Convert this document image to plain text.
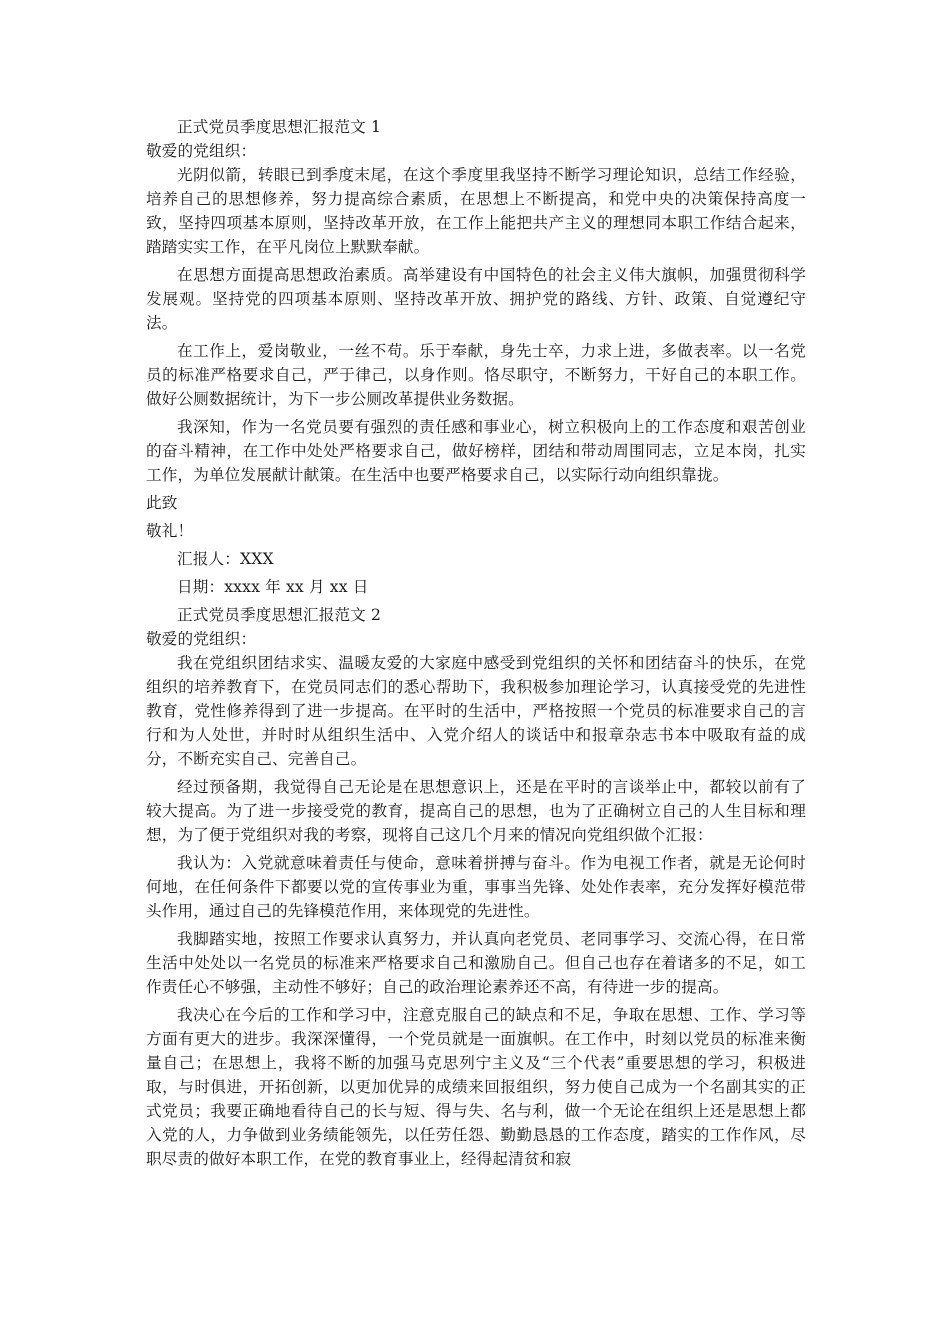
正式党员季度思想汇报范文 1

敬爱的党组织：

光阴似箭，转眼已到季度末尾，在这个季度里我坚持不断学习理论知识，总结工作经验，培养自己的思想修养，努力提高综合素质，在思想上不断提高，和党中央的决策保持高度一致，坚持四项基本原则，坚持改革开放，在工作上能把共产主义的理想同本职工作结合起来，踏踏实实工作，在平凡岗位上默默奉献。

在思想方面提高思想政治素质。高举建设有中国特色的社会主义伟大旗帜，加强贯彻科学发展观。坚持党的四项基本原则、坚持改革开放、拥护党的路线、方针、政策、自觉遵纪守法。

在工作上，爱岗敬业，一丝不苟。乐于奉献，身先士卒，力求上进，多做表率。以一名党员的标准严格要求自己，严于律己，以身作则。恪尽职守，不断努力，干好自己的本职工作。做好公厕数据统计，为下一步公厕改革提供业务数据。

我深知，作为一名党员要有强烈的责任感和事业心，树立积极向上的工作态度和艰苦创业的奋斗精神，在工作中处处严格要求自己，做好榜样，团结和带动周围同志，立足本岗，扎实工作，为单位发展献计献策。在生活中也要严格要求自己，以实际行动向组织靠拢。

此致

敬礼！

汇报人：XXX

日期：xxxx 年 xx 月 xx 日

正式党员季度思想汇报范文 2

敬爱的党组织：

我在党组织团结求实、温暖友爱的大家庭中感受到党组织的关怀和团结奋斗的快乐，在党组织的培养教育下，在党员同志们的悉心帮助下，我积极参加理论学习，认真接受党的先进性教育，党性修养得到了进一步提高。在平时的生活中，严格按照一个党员的标准要求自己的言行和为人处世，并时时从组织生活中、入党介绍人的谈话中和报章杂志书本中吸取有益的成分，不断充实自己、完善自己。

经过预备期，我觉得自己无论是在思想意识上，还是在平时的言谈举止中，都较以前有了较大提高。为了进一步接受党的教育，提高自己的思想，也为了正确树立自己的人生目标和理想，为了便于党组织对我的考察，现将自己这几个月来的情况向党组织做个汇报：

我认为：入党就意味着责任与使命，意味着拼搏与奋斗。作为电视工作者，就是无论何时何地，在任何条件下都要以党的宣传事业为重，事事当先锋、处处作表率，充分发挥好模范带头作用，通过自己的先锋模范作用，来体现党的先进性。

我脚踏实地，按照工作要求认真努力，并认真向老党员、老同事学习、交流心得，在日常生活中处处以一名党员的标准来严格要求自己和激励自己。但自己也存在着诸多的不足，如工作责任心不够强，主动性不够好；自己的政治理论素养还不高，有待进一步的提高。

我决心在今后的工作和学习中，注意克服自己的缺点和不足，争取在思想、工作、学习等方面有更大的进步。我深深懂得，一个党员就是一面旗帜。在工作中，时刻以党员的标准来衡量自己；在思想上，我将不断的加强马克思列宁主义及“三个代表”重要思想的学习，积极进取，与时俱进，开拓创新，以更加优异的成绩来回报组织，努力使自己成为一个名副其实的正式党员；我要正确地看待自己的长与短、得与失、名与利，做一个无论在组织上还是思想上都入党的人，力争做到业务绩能领先，以任劳任怨、勤勤恳恳的工作态度，踏实的工作作风，尽职尽责的做好本职工作，在党的教育事业上，经得起清贫和寂
